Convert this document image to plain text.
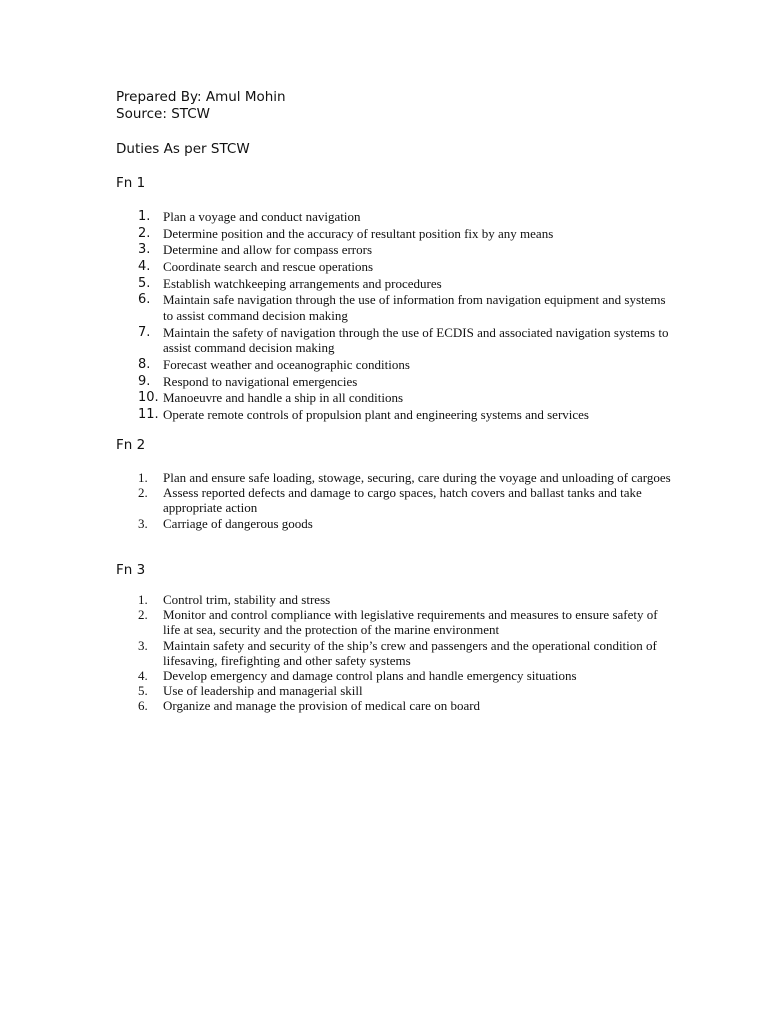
Prepared By: Amul Mohin
Source: STCW
Duties As per STCW
Fn 1
1. Plan a voyage and conduct navigation
2. Determine position and the accuracy of resultant position fix by any means
3. Determine and allow for compass errors
4. Coordinate search and rescue operations
5. Establish watchkeeping arrangements and procedures
6. Maintain safe navigation through the use of information from navigation equipment and systems to assist command decision making
7. Maintain the safety of navigation through the use of ECDIS and associated navigation systems to assist command decision making
8. Forecast weather and oceanographic conditions
9. Respond to navigational emergencies
10. Manoeuvre and handle a ship in all conditions
11. Operate remote controls of propulsion plant and engineering systems and services
Fn 2
1. Plan and ensure safe loading, stowage, securing, care during the voyage and unloading of cargoes
2. Assess reported defects and damage to cargo spaces, hatch covers and ballast tanks and take appropriate action
3. Carriage of dangerous goods
Fn 3
1. Control trim, stability and stress
2. Monitor and control compliance with legislative requirements and measures to ensure safety of life at sea, security and the protection of the marine environment
3. Maintain safety and security of the ship’s crew and passengers and the operational condition of lifesaving, firefighting and other safety systems
4. Develop emergency and damage control plans and handle emergency situations
5. Use of leadership and managerial skill
6. Organize and manage the provision of medical care on board
